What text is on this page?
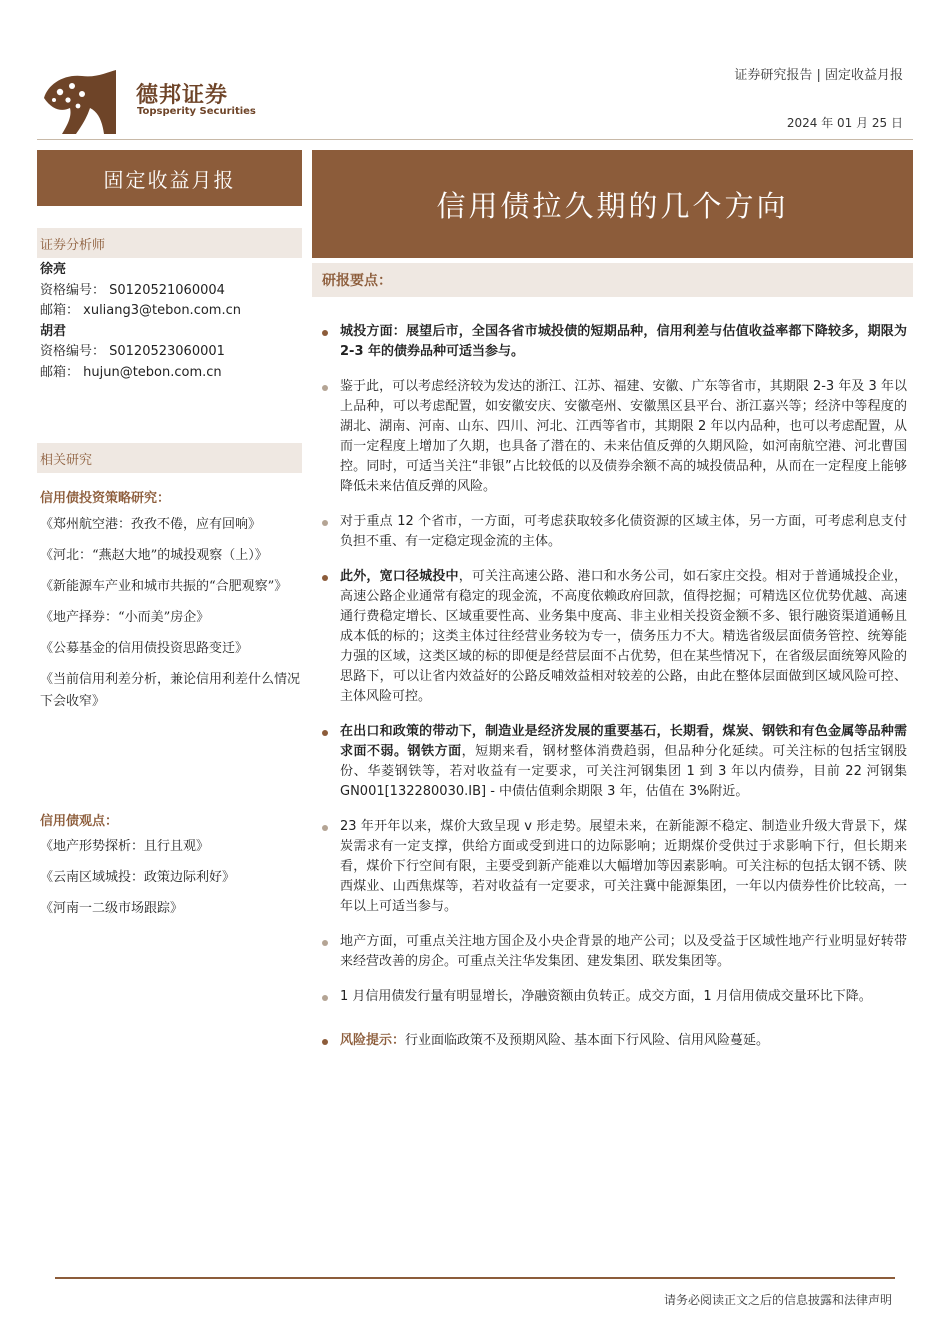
德邦证券
Topsperity Securities
证券研究报告 | 固定收益月报
2024 年 01 月 25 日
固定收益月报
证券分析师
徐亮
资格编号： S0120521060004
邮箱： xuliang3@tebon.com.cn
胡君
资格编号： S0120523060001
邮箱： hujun@tebon.com.cn
相关研究
信用债投资策略研究：
《郑州航空港：孜孜不倦，应有回响》
《河北：“燕赵大地”的城投观察（上）》
《新能源车产业和城市共振的“合肥观察”》
《地产择券：“小而美”房企》
《公募基金的信用债投资思路变迁》
《当前信用利差分析，兼论信用利差什么情况下会收窄》
信用债观点：
《地产形势探析：且行且观》
《云南区域城投：政策边际利好》
《河南一二级市场跟踪》
信用债拉久期的几个方向
研报要点：
城投方面：展望后市，全国各省市城投债的短期品种，信用利差与估值收益率都下降较多，期限为 2-3 年的债券品种可适当参与。
鉴于此，可以考虑经济较为发达的浙江、江苏、福建、安徽、广东等省市，其期限 2-3 年及 3 年以上品种，可以考虑配置，如安徽安庆、安徽亳州、安徽黑区县平台、浙江嘉兴等；经济中等程度的湖北、湖南、河南、山东、四川、河北、江西等省市，其期限 2 年以内品种，也可以考虑配置，从而一定程度上增加了久期，也具备了潜在的、未来估值反弹的久期风险，如河南航空港、河北曹国控。同时，可适当关注“非银”占比较低的以及债券余额不高的城投债品种，从而在一定程度上能够降低未来估值反弹的风险。
对于重点 12 个省市，一方面，可考虑获取较多化债资源的区域主体，另一方面，可考虑利息支付负担不重、有一定稳定现金流的主体。
此外，宽口径城投中，可关注高速公路、港口和水务公司，如石家庄交投。相对于普通城投企业，高速公路企业通常有稳定的现金流，不高度依赖政府回款，值得挖掘；可精选区位优势优越、高速通行费稳定增长、区域重要性高、业务集中度高、非主业相关投资金额不多、银行融资渠道通畅且成本低的标的；这类主体过往经营业务较为专一，债务压力不大。精选省级层面债务管控、统筹能力强的区域，这类区域的标的即便是经营层面不占优势，但在某些情况下，在省级层面统筹风险的思路下，可以让省内效益好的公路反哺效益相对较差的公路，由此在整体层面做到区域风险可控、主体风险可控。
在出口和政策的带动下，制造业是经济发展的重要基石，长期看，煤炭、钢铁和有色金属等品种需求面不弱。钢铁方面，短期来看，钢材整体消费趋弱，但品种分化延续。可关注标的包括宝钢股份、华菱钢铁等，若对收益有一定要求，可关注河钢集团 1 到 3 年以内债券，目前 22 河钢集 GN001[132280030.IB] - 中债估值剩余期限 3 年，估值在 3%附近。
23 年开年以来，煤价大致呈现 v 形走势。展望未来，在新能源不稳定、制造业升级大背景下，煤炭需求有一定支撑，供给方面或受到进口的边际影响；近期煤价受供过于求影响下行，但长期来看，煤价下行空间有限，主要受到新产能难以大幅增加等因素影响。可关注标的包括太钢不锈、陕西煤业、山西焦煤等，若对收益有一定要求，可关注冀中能源集团，一年以内债券性价比较高，一年以上可适当参与。
地产方面，可重点关注地方国企及小央企背景的地产公司；以及受益于区域性地产行业明显好转带来经营改善的房企。可重点关注华发集团、建发集团、联发集团等。
1 月信用债发行量有明显增长，净融资额由负转正。成交方面，1 月信用债成交量环比下降。
风险提示：行业面临政策不及预期风险、基本面下行风险、信用风险蔓延。
请务必阅读正文之后的信息披露和法律声明
